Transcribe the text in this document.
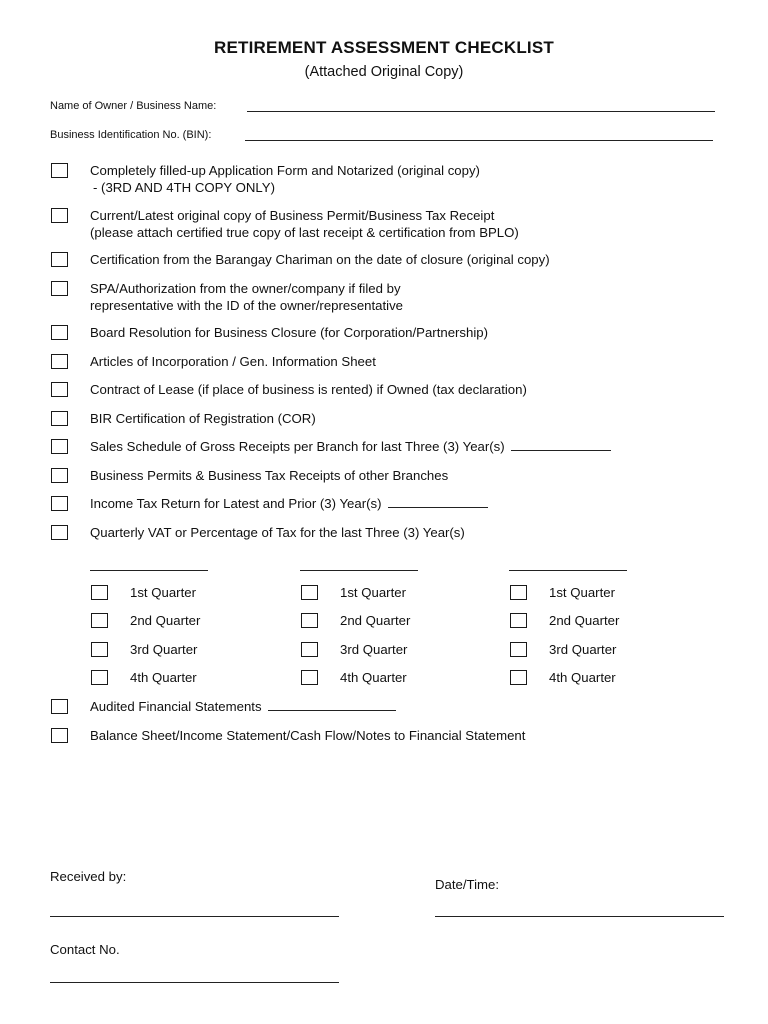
RETIREMENT ASSESSMENT CHECKLIST
(Attached Original Copy)
Name of Owner / Business Name:
Business Identification No. (BIN):
Completely filled-up Application Form and Notarized (original copy)
- (3RD AND 4TH COPY ONLY)
Current/Latest original copy of Business Permit/Business Tax Receipt
(please attach certified true copy of last receipt & certification from BPLO)
Certification from the Barangay Chariman on the date of closure (original copy)
SPA/Authorization from the owner/company if filed by
representative with the ID of the owner/representative
Board Resolution for Business Closure (for Corporation/Partnership)
Articles of Incorporation / Gen. Information Sheet
Contract of Lease (if place of business is rented) if Owned (tax declaration)
BIR Certification of Registration (COR)
Sales Schedule of Gross Receipts per Branch for last Three (3) Year(s)
Business Permits & Business Tax Receipts of other Branches
Income Tax Return for Latest and Prior (3) Year(s)
Quarterly VAT or Percentage of Tax for the last Three (3) Year(s)
1st Quarter
2nd Quarter
3rd Quarter
4th Quarter
1st Quarter
2nd Quarter
3rd Quarter
4th Quarter
1st Quarter
2nd Quarter
3rd Quarter
4th Quarter
Audited Financial Statements
Balance Sheet/Income Statement/Cash Flow/Notes to Financial Statement
Received by:
Date/Time:
Contact No.
